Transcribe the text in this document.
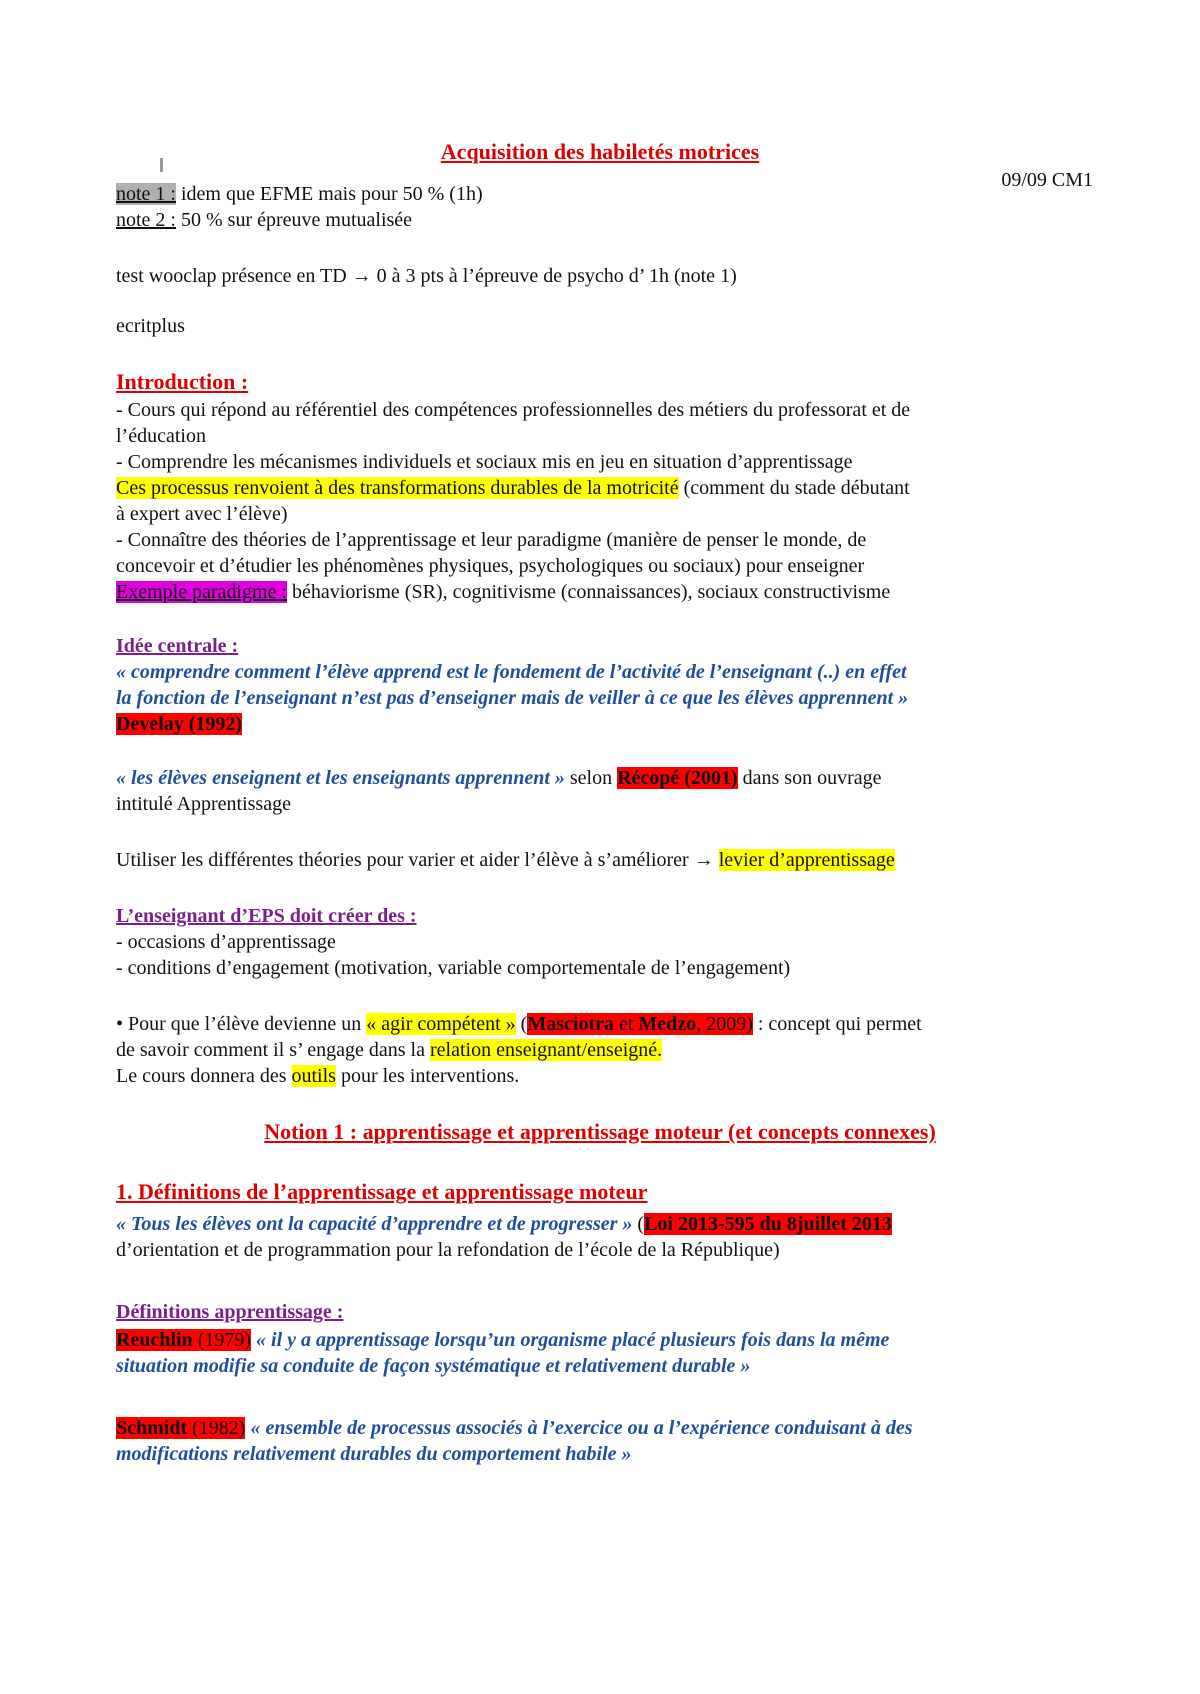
Acquisition des habiletés motrices
09/09 CM1
note 1 : idem que EFME mais pour 50 % (1h)
note 2 : 50 % sur épreuve mutualisée
test wooclap présence en TD → 0 à 3 pts à l’épreuve de psycho d’ 1h (note 1)
ecritplus
Introduction :
- Cours qui répond au référentiel des compétences professionnelles des métiers du professorat et de
l’éducation
- Comprendre les mécanismes individuels et sociaux mis en jeu en situation d’apprentissage
Ces processus renvoient à des transformations durables de la motricité (comment du stade débutant
à expert avec l’élève)
- Connaître des théories de l’apprentissage et leur paradigme (manière de penser le monde, de
concevoir et d’étudier les phénomènes physiques, psychologiques ou sociaux) pour enseigner
Exemple paradigme : béhaviorisme (SR), cognitivisme (connaissances), sociaux constructivisme
Idée centrale :
« comprendre comment l’élève apprend est le fondement de l’activité de l’enseignant (..) en effet
la fonction de l’enseignant n’est pas d’enseigner mais de veiller à ce que les élèves apprennent »
Develay (1992)
« les élèves enseignent et les enseignants apprennent » selon Récopé (2001) dans son ouvrage
intitulé Apprentissage
Utiliser les différentes théories pour varier et aider l’élève à s’améliorer → levier d’apprentissage
L’enseignant d’EPS doit créer des :
- occasions d’apprentissage
- conditions d’engagement (motivation, variable comportementale de l’engagement)
• Pour que l’élève devienne un « agir compétent » (Masciotra et Medzo, 2009) : concept qui permet
de savoir comment il s’ engage dans la relation enseignant/enseigné.
Le cours donnera des outils pour les interventions.
Notion 1 : apprentissage et apprentissage moteur (et concepts connexes)
1. Définitions de l’apprentissage et apprentissage moteur
« Tous les élèves ont la capacité d’apprendre et de progresser » (Loi 2013-595 du 8juillet 2013
d’orientation et de programmation pour la refondation de l’école de la République)
Définitions apprentissage :
Reuchlin (1979) « il y a apprentissage lorsqu’un organisme placé plusieurs fois dans la même
situation modifie sa conduite de façon systématique et relativement durable »
Schmidt (1982) « ensemble de processus associés à l’exercice ou a l’expérience conduisant à des
modifications relativement durables du comportement habile »
